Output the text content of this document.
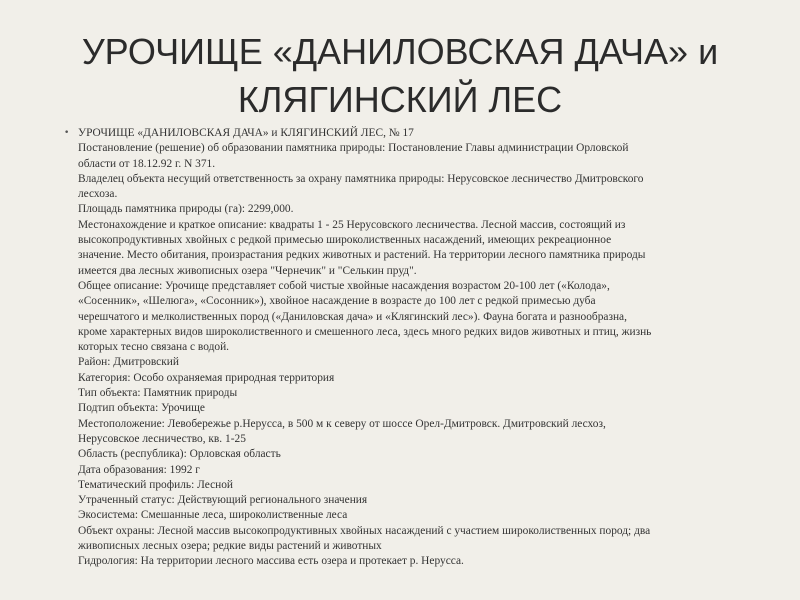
УРОЧИЩЕ «ДАНИЛОВСКАЯ ДАЧА» и
КЛЯГИНСКИЙ ЛЕС
• УРОЧИЩЕ «ДАНИЛОВСКАЯ ДАЧА» и КЛЯГИНСКИЙ ЛЕС, № 17
Постановление (решение) об образовании памятника природы: Постановление Главы администрации Орловской
области от 18.12.92 г. N 371.
Владелец объекта несущий ответственность за охрану памятника природы: Нерусовское лесничество Дмитровского
лесхоза.
Площадь памятника природы (га): 2299,000.
Местонахождение и краткое описание: квадраты 1 - 25 Нерусовского лесничества. Лесной массив, состоящий из
высокопродуктивных хвойных с редкой примесью широколиственных насаждений, имеющих рекреационное
значение. Место обитания, произрастания редких животных и растений. На территории лесного памятника природы
имеется два лесных живописных озера "Чернечик" и "Селькин пруд".
Общее описание: Урочище представляет собой чистые хвойные насаждения возрастом 20-100 лет («Колода»,
«Сосенник», «Шелюга», «Сосонник»), хвойное насаждение в возрасте до 100 лет с редкой примесью дуба
черешчатого и мелколиственных пород («Даниловская дача» и «Клягинский лес»). Фауна богата и разнообразна,
кроме характерных видов широколиственного и смешенного леса, здесь много редких видов животных и птиц, жизнь
которых тесно связана с водой.
Район: Дмитровский
Категория: Особо охраняемая природная территория
Тип объекта: Памятник природы
Подтип объекта: Урочище
Местоположение: Левобережье р.Нерусса, в 500 м к северу от шоссе Орел-Дмитровск. Дмитровский лесхоз,
Нерусовское лесничество, кв. 1-25
Область (республика): Орловская область
Дата образования: 1992 г
Тематический профиль: Лесной
Утраченный статус: Действующий регионального значения
Экосистема: Смешанные леса, широколиственные леса
Объект охраны: Лесной массив высокопродуктивных хвойных насаждений с участием широколиственных пород; два
живописных лесных озера; редкие виды растений и животных
Гидрология: На территории лесного массива есть озера и протекает р. Нерусса.
